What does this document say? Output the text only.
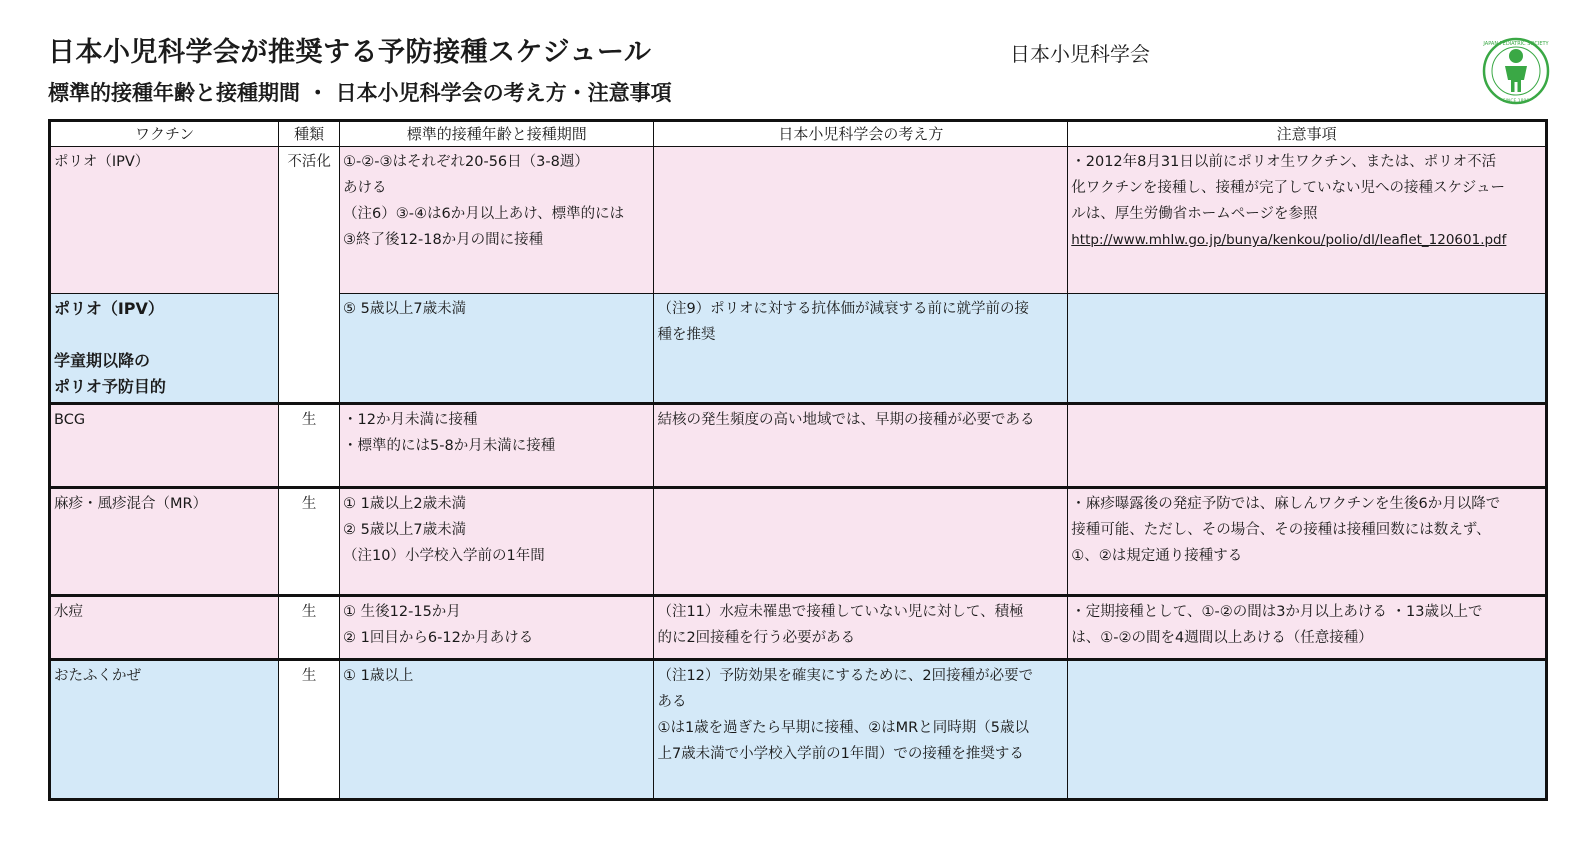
日本小児科学会が推奨する予防接種スケジュール
標準的接種年齢と接種期間 ・ 日本小児科学会の考え方・注意事項
日本小児科学会	JAPAN PEDIATRIC SOCIETY
SINCE 1896
ワクチン	種類	標準的接種年齢と接種期間	日本小児科学会の考え方	注意事項
ポリオ（IPV）	不活化	①-②-③はそれぞれ20-56日（3-8週）
あける
（注6）③-④は6か月以上あけ、標準的には
③終了後12-18か月の間に接種		・2012年8月31日以前にポリオ生ワクチン、または、ポリオ不活
化ワクチンを接種し、接種が完了していない児への接種スケジュー
ルは、厚生労働省ホームページを参照
http://www.mhlw.go.jp/bunya/kenkou/polio/dl/leaflet_120601.pdf

ポリオ（IPV）
学童期以降の
ポリオ予防目的		⑤ 5歳以上7歳未満	（注9）ポリオに対する抗体価が減衰する前に就学前の接
種を推奨	

BCG	生	・12か月未満に接種
・標準的には5-8か月未満に接種	結核の発生頻度の高い地域では、早期の接種が必要である	
麻疹・風疹混合（MR）	生	① 1歳以上2歳未満
② 5歳以上7歳未満
（注10）小学校入学前の1年間		・麻疹曝露後の発症予防では、麻しんワクチンを生後6か月以降で
接種可能、ただし、その場合、その接種は接種回数には数えず、
①、②は規定通り接種する

水痘	生	① 生後12-15か月
② 1回目から6-12か月あける	（注11）水痘未罹患で接種していない児に対して、積極
的に2回接種を行う必要がある	・定期接種として、①-②の間は3か月以上あける ・13歳以上で
は、①-②の間を4週間以上あける（任意接種）

おたふくかぜ	生	① 1歳以上	（注12）予防効果を確実にするために、2回接種が必要で
ある
①は1歳を過ぎたら早期に接種、②はMRと同時期（5歳以
上7歳未満で小学校入学前の1年間）での接種を推奨する	
